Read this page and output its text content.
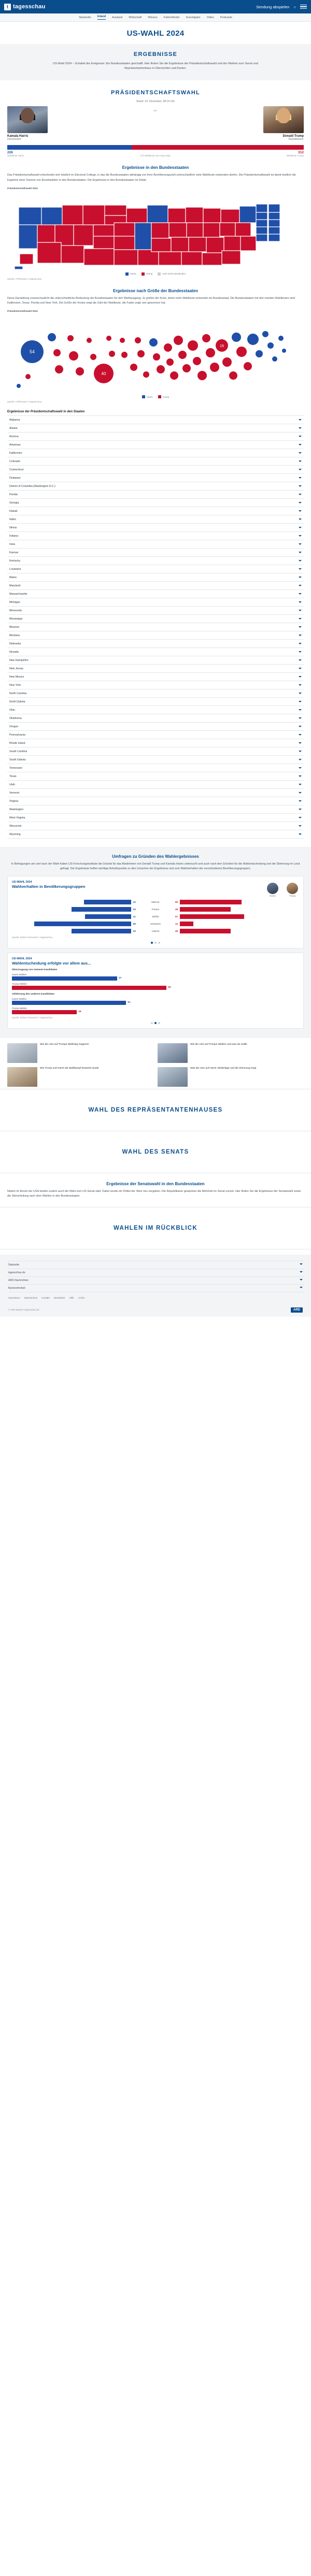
t tagesschau	Sendung abspielen ○
Startseite Inland Ausland Wirtschaft Wissen Faktenfinder Investigativ Video Podcasts
US-WAHL 2024
ERGEBNISSE

US-Wahl 2024 – Schaltet die Ereignisse: Ein Bundesstaaten geschafft. Hier finden Sie die Ergebnisse der Präsidentschaftswahl und der Wahlen zum Senat und Repräsentantenhaus in Übersichten und Karten.

PRÄSIDENTSCHAFTSWAHL

Stand: 10. Dezember, 08:14 Uhr

Kamala Harris
Demokraten
vs.
Donald Trump
Republikaner
226	312
Wahlleute Harris	270 Wahlleute zum Sieg nötig	Wahlleute Trump
Ergebnisse in den Bundesstaaten

Das Präsidentschaftswahl entscheidet sich letztlich im Electoral College, in das die Bundesstaaten abhängig von ihrer Bevölkerungszahl unterschiedlich viele Wahlleute entsenden dürfen. Die Präsidentschaftswahl ist damit letztlich die Ergebnis einer Summe von Einzelwahlen in den Bundesstaaten. Die Ergebnisse in den Bundesstaaten im Detail.

Präsidentschaftswahl 2024
Harris	Trump	noch nicht entschieden
Quelle: AP/Reuters / tagesschau
Ergebnisse nach Größe der Bundesstaaten

Diese Darstellung veranschaulicht die unterschiedliche Bedeutung der Bundesstaaten für den Wahlausgang: Je größer der Kreis, desto mehr Wahlleute entsendet ein Bundesstaat. Die Bundesstaaten mit den meisten Wahlleuten sind Kalifornien, Texas, Florida und New York. Die Größe der Kreise zeigt die Zahl der Wahlleute, die Farbe zeigt, wer gewonnen hat.

Präsidentschaftswahl 2024
54
40
19
Harris	Trump
Quelle: AP/Reuters / tagesschau
Ergebnisse der Präsidentschaftswahl in den Staaten
Alabama
Alaska
Arizona
Arkansas
Kalifornien
Colorado
Connecticut
Delaware
District of Columbia (Washington D.C.)
Florida
Georgia
Hawaii
Idaho
Illinois
Indiana
Iowa
Kansas
Kentucky
Louisiana
Maine
Maryland
Massachusetts
Michigan
Minnesota
Mississippi
Missouri
Montana
Nebraska
Nevada
New Hampshire
New Jersey
New Mexico
New York
North Carolina
North Dakota
Ohio
Oklahoma
Oregon
Pennsylvania
Rhode Island
South Carolina
South Dakota
Tennessee
Texas
Utah
Vermont
Virginia
Washington
West Virginia
Wisconsin
Wyoming
Umfragen zu Gründen des Wahlergebnisses

In Befragungen am und nach der Wahl haben US-Forschungsinstitute die Gründe für das Abstimmen von Donald Trump und Kamala Harris untersucht und auch nach den Gründen für die Wahlentscheidung und die Stimmung im Land gefragt. Die Ergebnisse helfen wichtige Anhaltspunkte zu den Ursachen der Ergebnisse und zum Wahlverhalten der verschiedenen Bevölkerungsgruppen.

US-WAHL 2024
Wahlverhalten in Bevölkerungsgruppen
Harris	Trump
42	Männer	55
53	Frauen	45
41	Weiße	57
86	Schwarze	12
53	Latinos	45
Quelle: Edison Research / tagesschau
US-WAHL 2024
Wahlentscheidung erfolgte vor allem aus...
Überzeugung von meinem Kandidaten
Harris-Wähler
47
Trump-Wähler
69
Ablehnung des anderen Kandidaten
Harris-Wähler
51
Trump-Wähler
29
Quelle: Edison Research / tagesschau
Wie die USA auf Trumps Wahlsieg reagieren	Wie die USA auf Trumps Wahlen und was sie wollte
Wie Trump und Harris die Wahlkampf bewertet wurde	Was die USA auf Harris' Niederlage und die Stimmung zeigt
WAHL DES REPRÄSENTANTENHAUSES
WAHL DES SENATS
Ergebnisse der Senatswahl in den Bundesstaaten

Neben im Einzel der USA fanden zudem auch die Wahl zum US-Senat statt. Dabei wurde ein Drittel der Sitze neu vergeben. Die Republikaner gewannen die Mehrheit im Senat zurück. Hier finden Sie die Ergebnisse der Senatswahl sowie die Sitzverteilung nach dem Wahlen in den Bundesstaaten.

WAHLEN IM RÜCKBLICK
Startseite
tagesschau.de
ARD-Nachrichten
Barrierefreiheit
Impressum Datenschutz Kontakt Newsletter Hilfe Archiv
© ARD-aktuell / tagesschau.de	ARD
